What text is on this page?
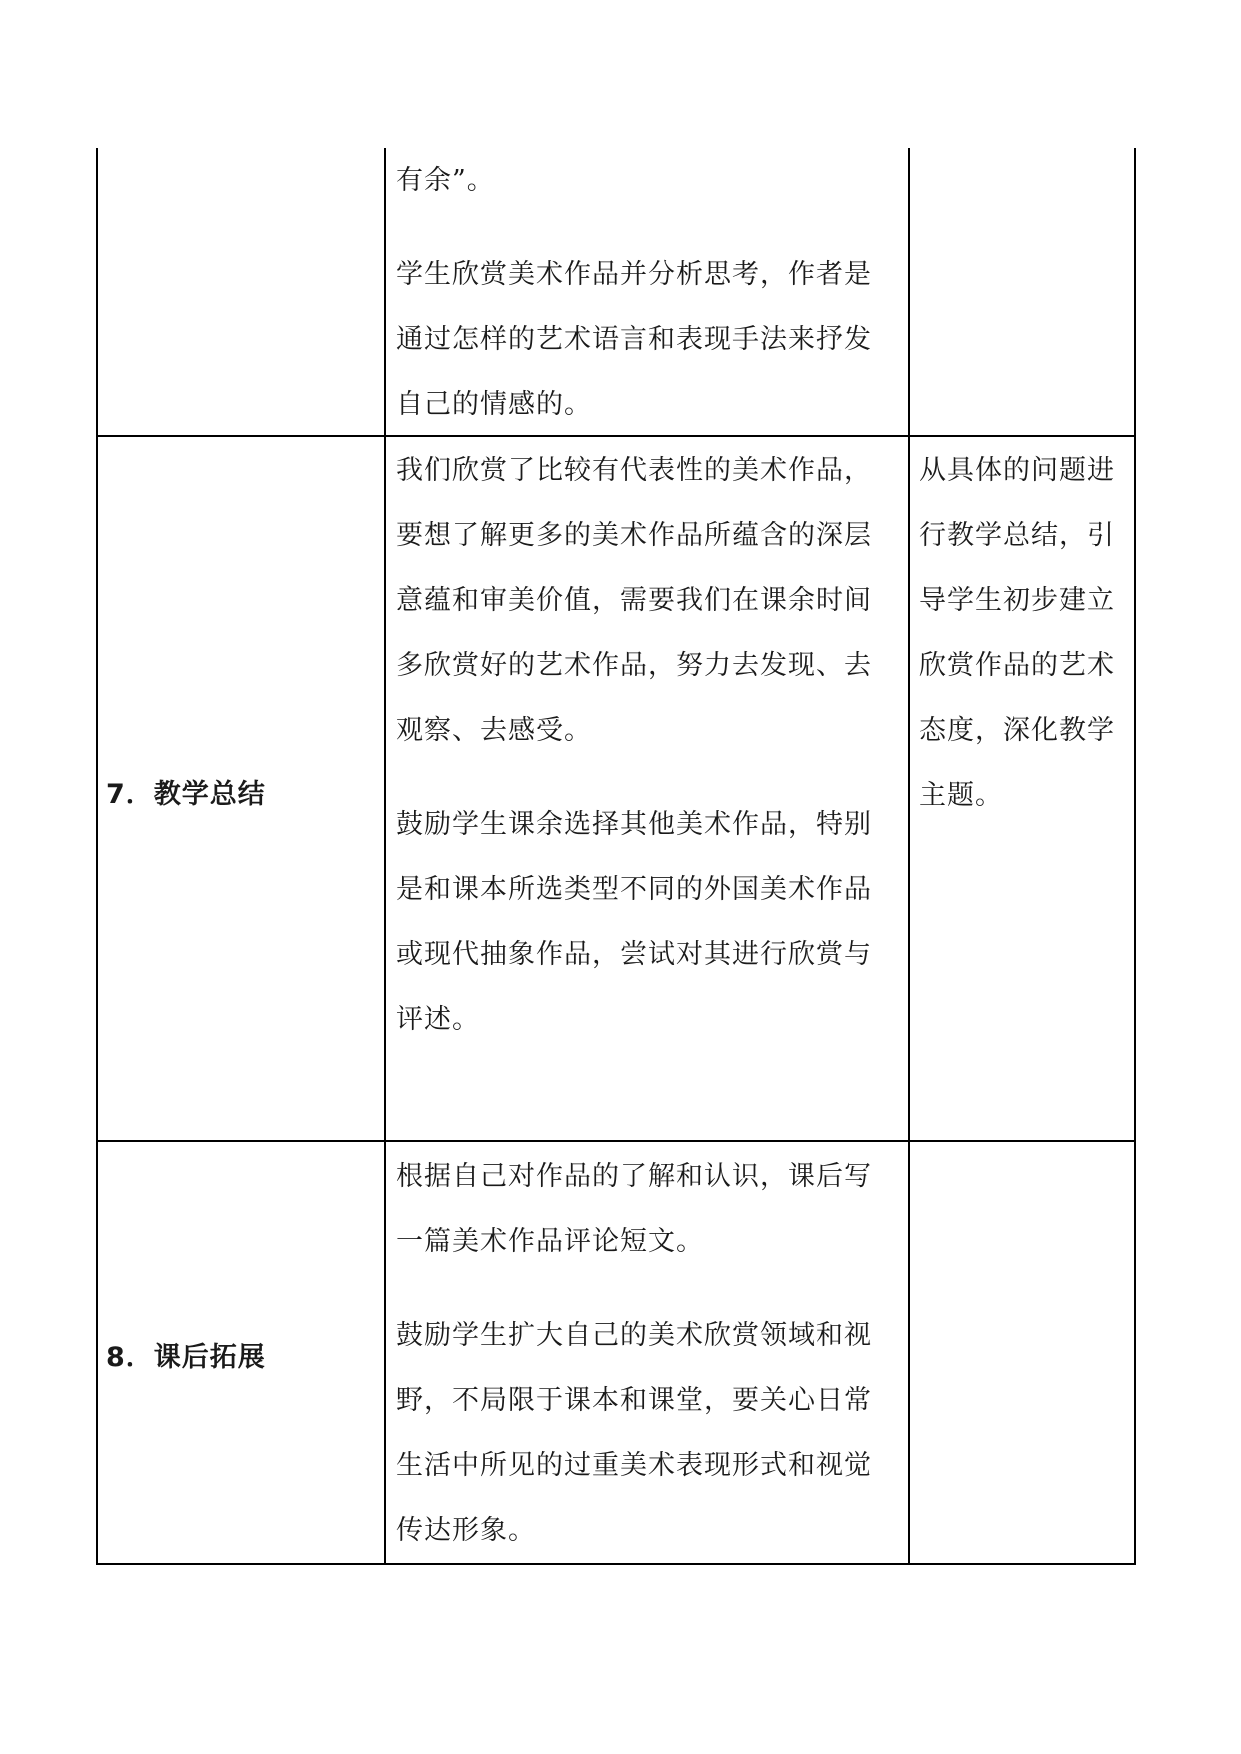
有余”。

学生欣赏美术作品并分析思考，作者是通过怎样的艺术语言和表现手法来抒发自己的情感的。

7．教学总结

我们欣赏了比较有代表性的美术作品，要想了解更多的美术作品所蕴含的深层意蕴和审美价值，需要我们在课余时间多欣赏好的艺术作品，努力去发现、去观察、去感受。

鼓励学生课余选择其他美术作品，特别是和课本所选类型不同的外国美术作品或现代抽象作品，尝试对其进行欣赏与评述。

从具体的问题进行教学总结，引导学生初步建立欣赏作品的艺术态度，深化教学主题。
8．课后拓展

根据自己对作品的了解和认识，课后写一篇美术作品评论短文。

鼓励学生扩大自己的美术欣赏领域和视野，不局限于课本和课堂，要关心日常生活中所见的过重美术表现形式和视觉传达形象。
